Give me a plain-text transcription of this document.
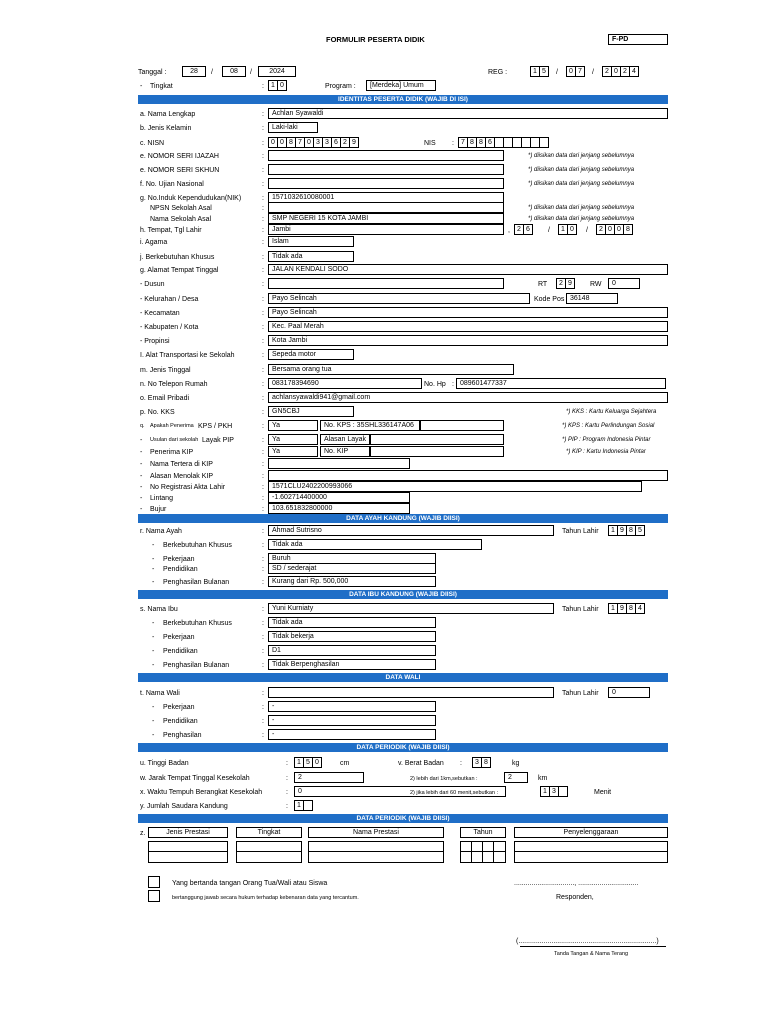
FORMULIR PESERTA DIDIK	F-PD
Tanggal :	28	/	08	/	2024	REG :	1 5	/	0 7	/	2 0 2 4
- Tingkat	:	1 0	Program :	[Merdeka] Umum
IDENTITAS PESERTA DIDIK (WAJIB DI ISI)
a. Nama Lengkap	:	Achlan Syawaldi
b. Jenis Kelamin	:	Laki-laki
c. NISN	:	0 0 8 7 0 3 3 6 2 9	NIS :	7 8 8 6
e. NOMOR SERI IJAZAH	:	*) diisikan data dari jenjang sebelumnya
e. NOMOR SERI SKHUN	:	*) diisikan data dari jenjang sebelumnya
f. No. Ujian Nasional	:	*) diisikan data dari jenjang sebelumnya
g. No.Induk Kependudukan(NIK)	:	1571032610080001
NPSN Sekolah Asal	:	*) diisikan data dari jenjang sebelumnya
Nama Sekolah Asal	:	SMP NEGERI 15 KOTA JAMBI	*) diisikan data dari jenjang sebelumnya
h. Tempat, Tgl Lahir	:	Jambi	,	2 6	/	1 0	/	2 0 0 8
i. Agama	:	Islam
j. Berkebutuhan Khusus	:	Tidak ada
g. Alamat Tempat Tinggal	:	JALAN KENDALI SODO
- Dusun	:	RT	2 9	RW	0
- Kelurahan / Desa	:	Payo Selincah	Kode Pos 36148
- Kecamatan	:	Payo Selincah
- Kabupaten / Kota	:	Kec. Paal Merah
- Propinsi	:	Kota Jambi
I. Alat Transportasi ke Sekolah	:	Sepeda motor
m. Jenis Tinggal	:	Bersama orang tua
n. No Telepon Rumah	:	083178394690	No. Hp : 089601477337
o. Email Pribadi	:	achlansyawaldi941@gmail.com
p. No. KKS	:	GN5CBJ	*) KKS : Kartu Keluarga Sejahtera
q. Apakah Penerima KPS / PKH	:	Ya	No. KPS : 35SHL336147A06	*) KPS : Kartu Perlindungan Sosial
- Usulan dari sekolah Layak PIP	:	Ya	Alasan Layak	*) PIP : Program Indonesia Pintar
- Penerima KIP	:	Ya	No. KIP	*) KIP : Kartu Indonesia Pintar
- Nama Tertera di KIP	:
- Alasan Menolak KIP	:
- No Registrasi Akta Lahir	:	1571CLU2402200993066
- Lintang	:	-1.602714400000
- Bujur	:	103.651832800000
DATA AYAH KANDUNG (WAJIB DIISI)
r. Nama Ayah	:	Ahmad Sutrisno	Tahun Lahir	1 9 8 5
- Berkebutuhan Khusus	:	Tidak ada
- Pekerjaan	:	Buruh
- Pendidikan	:	SD / sederajat
- Penghasilan Bulanan	:	Kurang dari Rp. 500,000
DATA IBU KANDUNG (WAJIB DIISI)
s. Nama Ibu	:	Yuni Kurniaty	Tahun Lahir	1 9 8 4
- Berkebutuhan Khusus	:	Tidak ada
- Pekerjaan	:	Tidak bekerja
- Pendidikan	:	D1
- Penghasilan Bulanan	:	Tidak Berpenghasilan
DATA WALI
t. Nama Wali	:	Tahun Lahir	0
- Pekerjaan	:	-
- Pendidikan	:	-
- Penghasilan	:	-
DATA PERIODIK (WAJIB DIISI)
u. Tinggi Badan	:	1 5 0	cm	v. Berat Badan :	3 8	kg
w. Jarak Tempat Tinggal Kesekolah	:	2	2) lebih dari 1km,sebutkan :	2	km
x. Waktu Tempuh Berangkat Kesekolah	:	0	2) jika lebih dari 60 menit,sebutkan :	1 3	Menit
y. Jumlah Saudara Kandung	:	1
DATA PERIODIK (WAJIB DIISI)
z.	Jenis Prestasi	Tingkat	Nama Prestasi	Tahun	Penyelenggaraan
Yang bertanda tangan Orang Tua/Wali atau Siswa
bertanggung jawab secara hukum terhadap kebenaran data yang tercantum.
..............................., ...............................
Responden,
(.......................................................................)
Tanda Tangan & Nama Terang
